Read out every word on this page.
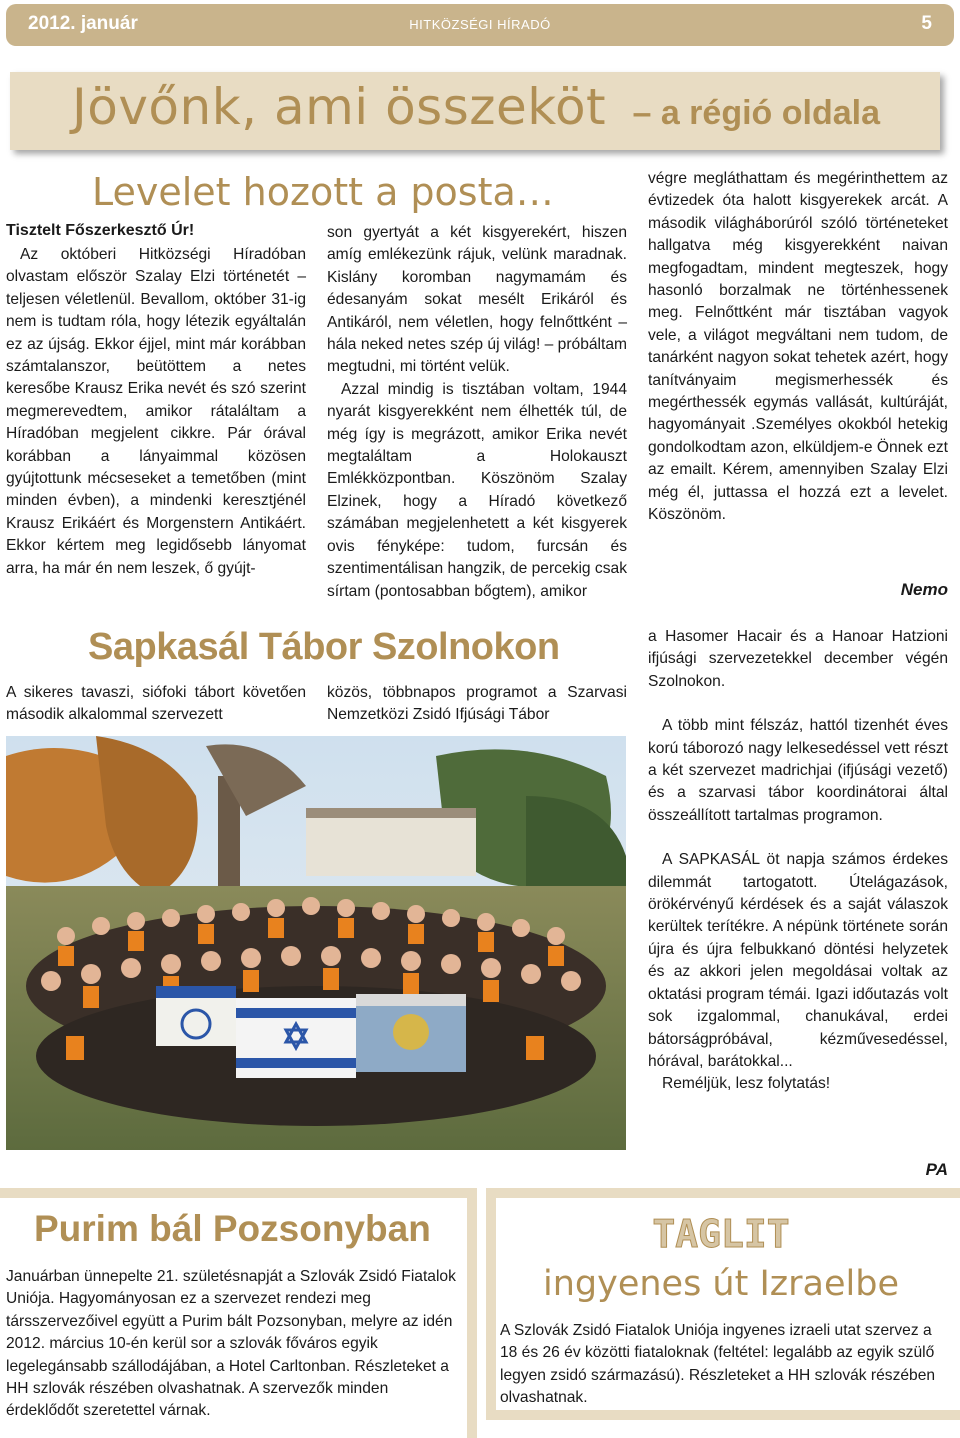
2012. január	HITKÖZSÉGI HÍRADÓ	5
Jövőnk, ami összeköt – a régió oldala
Levelet hozott a posta…
Tisztelt Főszerkesztő Úr!
Az októberi Hitközségi Híradóban olvastam először Szalay Elzi történetét – teljesen véletlenül. Bevallom, október 31-ig nem is tudtam róla, hogy létezik egyáltalán ez az újság. Ekkor éjjel, mint már korábban számtalanszor, beütöttem a netes keresőbe Krausz Erika nevét és szó szerint megmerevedtem, amikor rátaláltam a Híradóban megjelent cikkre. Pár órával korábban a lányaimmal közösen gyújtottunk mécseseket a temetőben (mint minden évben), a mindenki keresztjénél Krausz Erikáért és Morgenstern Antikáért. Ekkor kértem meg legidősebb lányomat arra, ha már én nem leszek, ő gyújt-

son gyertyát a két kisgyerekért, hiszen amíg emlékezünk rájuk, velünk maradnak. Kislány koromban nagymamám és édesanyám sokat mesélt Erikáról és Antikáról, nem véletlen, hogy felnőttként – hála neked netes szép új világ! – próbáltam megtudni, mi történt velük.

Azzal mindig is tisztában voltam, 1944 nyarát kisgyerekként nem élhették túl, de még így is megrázott, amikor Erika nevét megtaláltam a Holokauszt Emlékközpontban. Köszönöm Szalay Elzinek, hogy a Híradó következő számában megjelenhetett a két kisgyerek ovis fényképe: tudom, furcsán és szentimentálisan hangzik, de percekig csak sírtam (pontosabban bőgtem), amikor

végre megláthattam és megérinthettem az évtizedek óta halott kisgyerekek arcát. A második világháborúról szóló történeteket hallgatva még kisgyerekként naivan megfogadtam, mindent megteszek, hogy hasonló borzalmak ne történhessenek meg. Felnőttként már tisztában vagyok vele, a világot megváltani nem tudom, de tanárként nagyon sokat tehetek azért, hogy tanítványaim megismerhessék és megérthessék egymás vallását, kultúráját, hagyományait .Személyes okokból hetekig gondolkodtam azon, elküldjem-e Önnek ezt az emailt. Kérem, amennyiben Szalay Elzi még él, juttassa el hozzá ezt a levelet. Köszönöm.
Nemo
Sapkasál Tábor Szolnokon
A sikeres tavaszi, siófoki tábort követően második alkalommal szervezett
közös, többnapos programot a Szarvasi Nemzetközi Zsidó Ifjúsági Tábor

a Hasomer Hacair és a Hanoar Hatzioni ifjúsági szervezetekkel december végén Szolnokon.

A több mint félszáz, hattól tizenhét éves korú táborozó nagy lelkesedéssel vett részt a két szervezet madrichjai (ifjúsági vezető) és a szarvasi tábor koordinátorai által összeállított tartalmas programon.

A SAPKASÁL öt napja számos érdekes dilemmát tartogatott. Útelágazások, örökérvényű kérdések és a saját válaszok kerültek terítékre. A népünk története során újra és újra felbukkanó döntési helyzetek és az akkori jelen megoldásai voltak az oktatási program témái. Igazi időutazás volt sok izgalommal, chanukával, erdei bátorságpróbával, kézművesedéssel, hórával, barátokkal...

Reméljük, lesz folytatás!

PA
Purim bál Pozsonyban
Januárban ünnepelte 21. születésnapját a Szlovák Zsidó Fiatalok Uniója. Hagyományosan ez a szervezet rendezi meg társszervezőivel együtt a Purim bált Pozsonyban, melyre az idén 2012. március 10-én kerül sor a szlovák főváros egyik legelegánsabb szállodájában, a Hotel Carltonban. Részleteket a HH szlovák részében olvashatnak. A szervezők minden érdeklődőt szeretettel várnak.
TAGLIT
ingyenes út Izraelbe
A Szlovák Zsidó Fiatalok Uniója ingyenes izraeli utat szervez a 18 és 26 év közötti fiataloknak (feltétel: legalább az egyik szülő legyen zsidó származású). Részleteket a HH szlovák részében olvashatnak.
